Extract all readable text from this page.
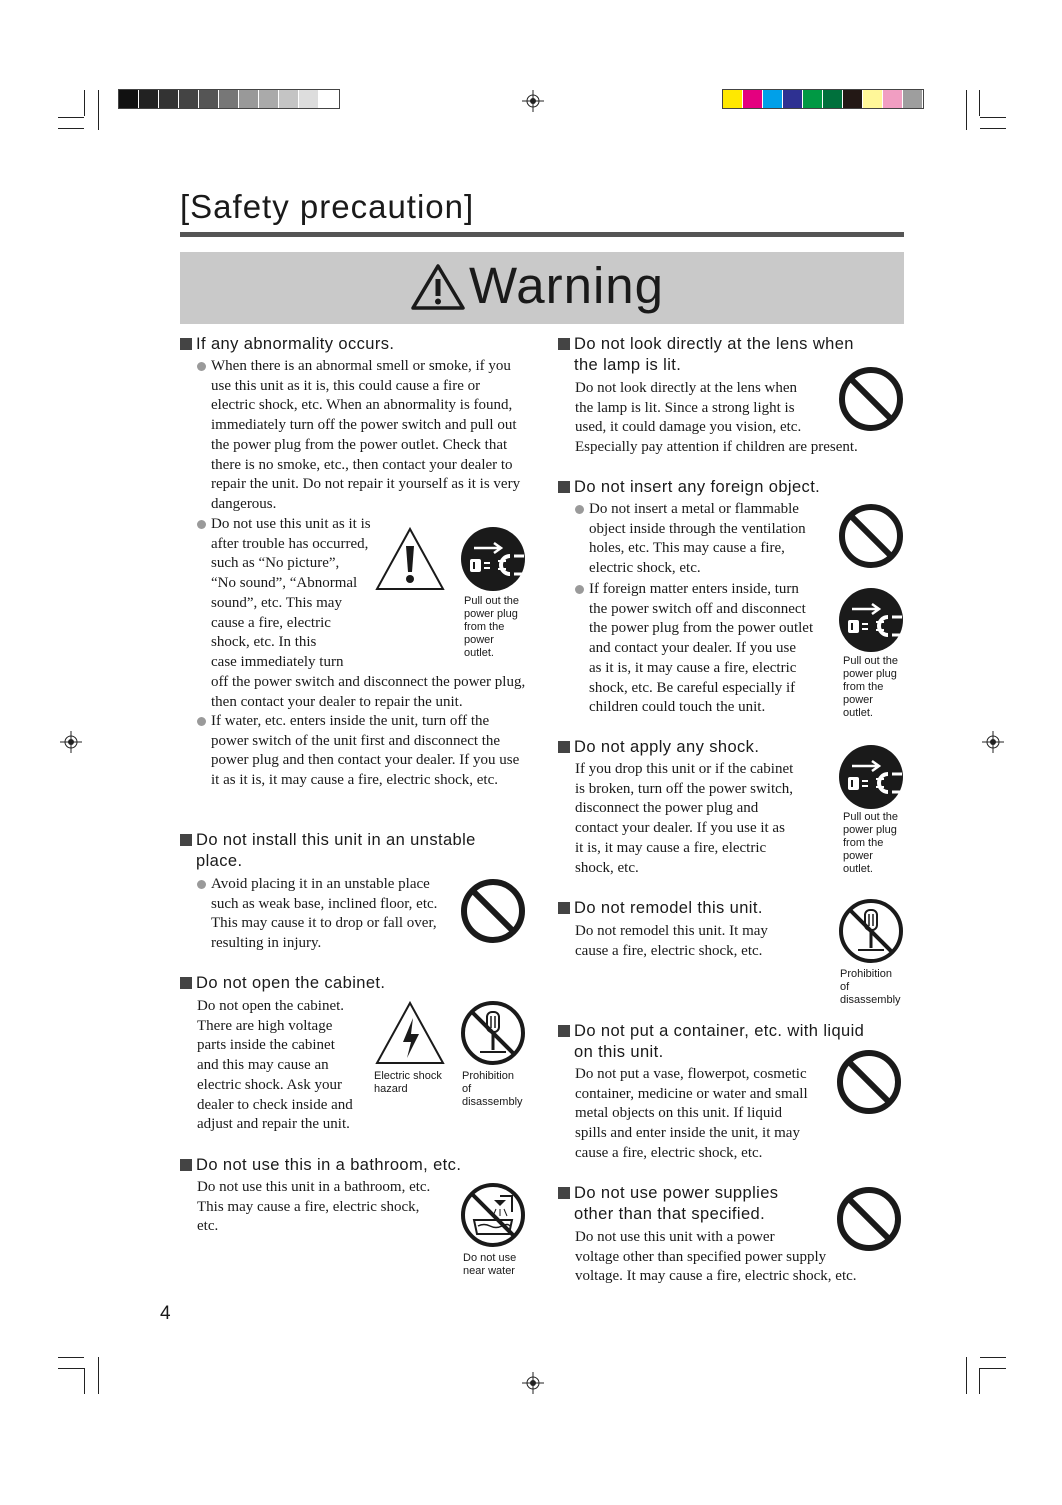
[Safety precaution]
Warning
If any abnormality occurs.
When there is an abnormal smell or smoke, if you use this unit as it is, this could cause a fire or electric shock, etc. When an abnormality is found, immediately turn off the power switch and pull out the power plug from the power outlet. Check that there is no smoke, etc., then contact your dealer to repair the unit. Do not repair it yourself as it is very dangerous.
Do not use this unit as it is
after trouble has occurred,
such as “No picture”,
“No sound”, “Abnormal
sound”, etc. This may
cause a fire, electric
shock, etc. In this
case immediately turn
off the power switch and disconnect the power plug, then contact your dealer to repair the unit.
If water, etc. enters inside the unit, turn off the power switch of the unit first and disconnect the power plug and then contact your dealer. If you use it as it is, it may cause a fire, electric shock, etc.
Pull out the
power plug
from the
power
outlet.
Do not install this unit in an unstable
place.
Avoid placing it in an unstable place such as weak base, inclined floor, etc. This may cause it to drop or fall over, resulting in injury.
Do not open the cabinet.
Do not open the cabinet.
There are high voltage
parts inside the cabinet
and this may cause an
electric shock. Ask your
dealer to check inside and
adjust and repair the unit.
Electric shock
hazard
Prohibition
of
disassembly
Do not use this in a bathroom, etc.
Do not use this unit in a bathroom, etc.
This may cause a fire, electric shock,
etc.
Do not use
near water
Do not look directly at the lens when
the lamp is lit.
Do not look directly at the lens when
the lamp is lit. Since a strong light is
used, it could damage you vision, etc.
Especially pay attention if children are present.
Do not insert any foreign object.
Do not insert a metal or flammable
object inside through the ventilation
holes, etc. This may cause a fire,
electric shock, etc.
If foreign matter enters inside, turn
the power switch off and disconnect
the power plug from the power outlet
and contact your dealer. If you use
as it is, it may cause a fire, electric
shock, etc. Be careful especially if
children could touch the unit.
Pull out the
power plug
from the
power
outlet.
Do not apply any shock.
If you drop this unit or if the cabinet
is broken, turn off the power switch,
disconnect the power plug and
contact your dealer. If you use it as
it is, it may cause a fire, electric
shock, etc.
Pull out the
power plug
from the
power
outlet.
Do not remodel this unit.
Do not remodel this unit. It may
cause a fire, electric shock, etc.
Prohibition
of
disassembly
Do not put a container, etc. with liquid
on this unit.
Do not put a vase, flowerpot, cosmetic
container, medicine or water and small
metal objects on this unit. If liquid
spills and enter inside the unit, it may
cause a fire, electric shock, etc.
Do not use power supplies
other than that specified.
Do not use this unit with a power
voltage other than specified power supply
voltage. It may cause a fire, electric shock, etc.
4
